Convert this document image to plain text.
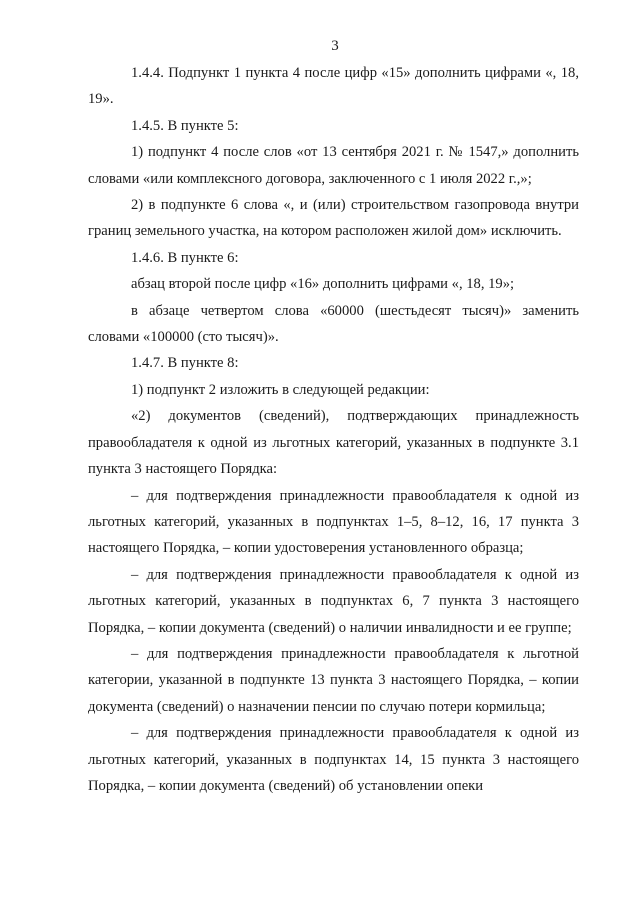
3

1.4.4. Подпункт 1 пункта 4 после цифр «15» дополнить цифрами «, 18, 19».

1.4.5. В пункте 5:

1) подпункт 4 после слов «от 13 сентября 2021 г. № 1547,» дополнить словами «или комплексного договора, заключенного с 1 июля 2022 г.,»;

2) в подпункте 6 слова «, и (или) строительством газопровода внутри границ земельного участка, на котором расположен жилой дом» исключить.

1.4.6. В пункте 6:

абзац второй после цифр «16» дополнить цифрами «, 18, 19»;

в абзаце четвертом слова «60000 (шестьдесят тысяч)» заменить словами «100000 (сто тысяч)».

1.4.7. В пункте 8:

1) подпункт 2 изложить в следующей редакции:

«2) документов (сведений), подтверждающих принадлежность правообладателя к одной из льготных категорий, указанных в подпункте 3.1 пункта 3 настоящего Порядка:

– для подтверждения принадлежности правообладателя к одной из льготных категорий, указанных в подпунктах 1–5, 8–12, 16, 17 пункта 3 настоящего Порядка, – копии удостоверения установленного образца;

– для подтверждения принадлежности правообладателя к одной из льготных категорий, указанных в подпунктах 6, 7 пункта 3 настоящего Порядка, – копии документа (сведений) о наличии инвалидности и ее группе;

– для подтверждения принадлежности правообладателя к льготной категории, указанной в подпункте 13 пункта 3 настоящего Порядка, – копии документа (сведений) о назначении пенсии по случаю потери кормильца;

– для подтверждения принадлежности правообладателя к одной из льготных категорий, указанных в подпунктах 14, 15 пункта 3 настоящего Порядка, – копии документа (сведений) об установлении опеки
